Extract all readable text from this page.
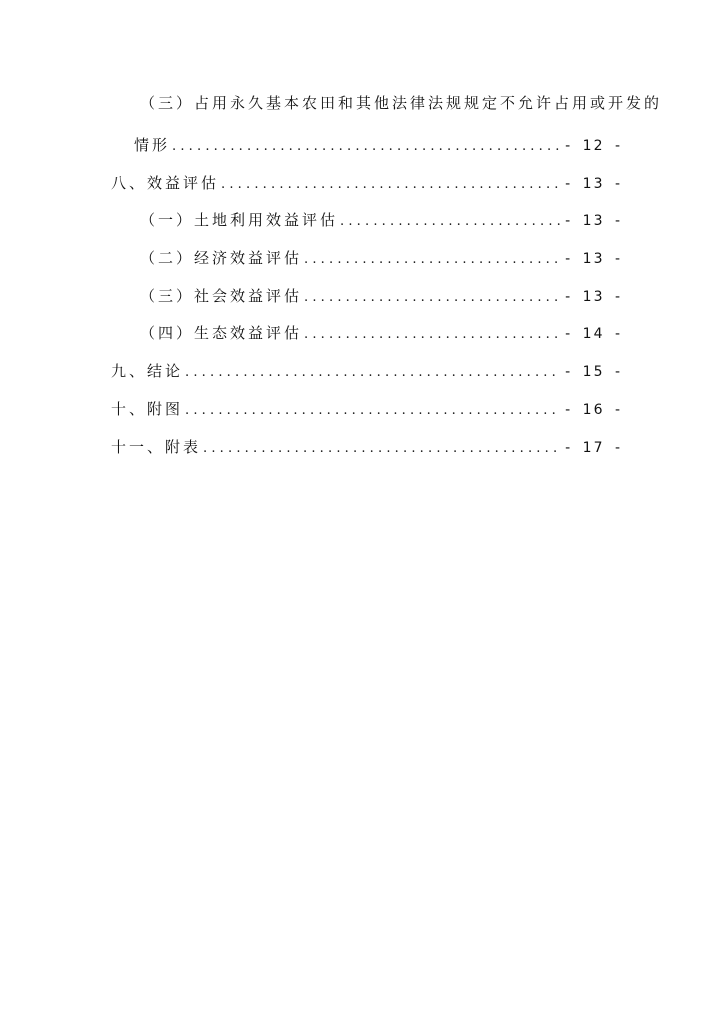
（三）占用永久基本农田和其他法律法规规定不允许占用或开发的
情形 .....	- 12 -
八、效益评估 .....	- 13 -
（一）土地利用效益评估 .....	- 13 -
（二）经济效益评估 .....	- 13 -
（三）社会效益评估 .....	- 13 -
（四）生态效益评估 .....	- 14 -
九、结论 .....	- 15 -
十、附图 .....	- 16 -
十一、附表 .....	- 17 -
